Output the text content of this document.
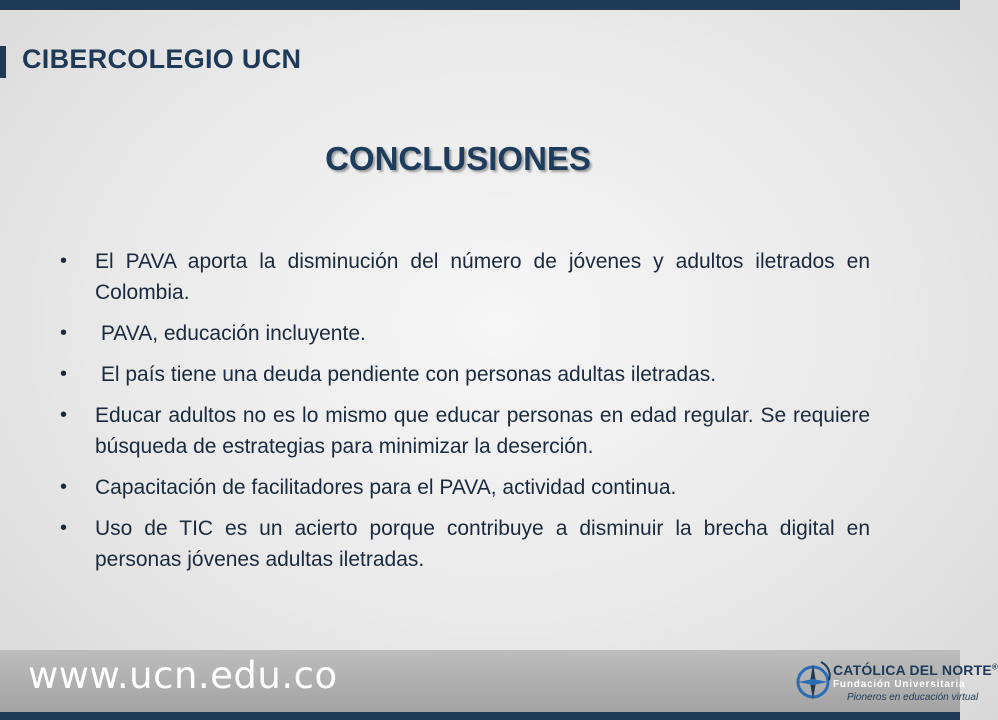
CIBERCOLEGIO UCN
CONCLUSIONES
• El PAVA aporta la disminución del número de jóvenes y adultos iletrados en Colombia.
• PAVA, educación incluyente.
• El país tiene una deuda pendiente con personas adultas iletradas.
• Educar adultos no es lo mismo que educar personas en edad regular. Se requiere búsqueda de estrategias para minimizar la deserción.
• Capacitación de facilitadores para el PAVA, actividad continua.
• Uso de TIC es un acierto porque contribuye a disminuir la brecha digital en personas jóvenes adultas iletradas.
www.ucn.edu.co	CATÓLICA DEL NORTE®
Fundación Universitaria
Pioneros en educación virtual
